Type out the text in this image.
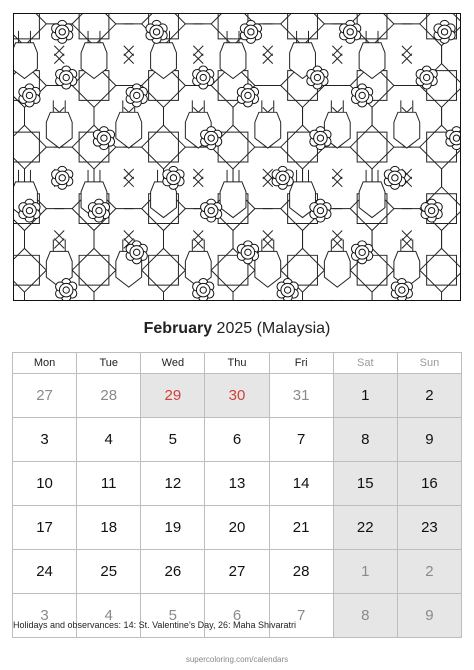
February 2025 (Malaysia)
Mon	Tue	Wed	Thu	Fri	Sat	Sun
27	28	29	30	31	1	2
3	4	5	6	7	8	9
10	11	12	13	14	15	16
17	18	19	20	21	22	23
24	25	26	27	28	1	2
3	4	5	6	7	8	9
Holidays and observances: 14: St. Valentine's Day, 26: Maha Shivaratri
supercoloring.com/calendars
